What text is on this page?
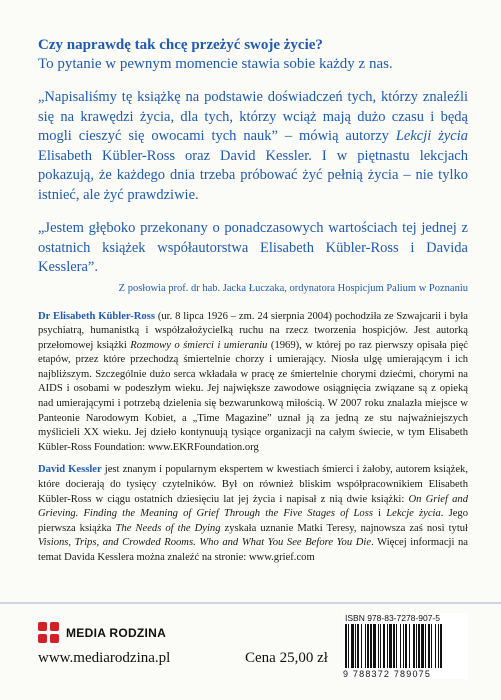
Czy naprawdę tak chcę przeżyć swoje życie?

To pytanie w pewnym momencie stawia sobie każdy z nas.

„Napisaliśmy tę książkę na podstawie doświadczeń tych, którzy znaleźli się na krawędzi życia, dla tych, którzy wciąż mają dużo czasu i będą mogli cieszyć się owocami tych nauk” – mówią autorzy Lekcji życia Elisabeth Kübler-Ross oraz David Kessler. I w piętnastu lekcjach pokazują, że każdego dnia trzeba próbować żyć pełnią życia – nie tylko istnieć, ale żyć prawdziwie.

„Jestem głęboko przekonany o ponadczasowych wartościach tej jednej z ostatnich książek współautorstwa Elisabeth Kübler-Ross i Davida Kesslera”.

Z posłowia prof. dr hab. Jacka Łuczaka, ordynatora Hospicjum Palium w Poznaniu

Dr Elisabeth Kübler-Ross (ur. 8 lipca 1926 – zm. 24 sierpnia 2004) pochodziła ze Szwajcarii i była psychiatrą, humanistką i współzałożycielką ruchu na rzecz tworzenia hospicjów. Jest autorką przełomowej książki Rozmowy o śmierci i umieraniu (1969), w której po raz pierwszy opisała pięć etapów, przez które przechodzą śmiertelnie chorzy i umierający. Niosła ulgę umierającym i ich najbliższym. Szczególnie dużo serca wkładała w pracę ze śmiertelnie chorymi dziećmi, chorymi na AIDS i osobami w podeszłym wieku. Jej największe zawodowe osiągnięcia związane są z opieką nad umierającymi i potrzebą dzielenia się bezwarunkową miłością. W 2007 roku znalazła miejsce w Panteonie Narodowym Kobiet, a „Time Magazine” uznał ją za jedną ze stu najważniejszych myślicieli XX wieku. Jej dzieło kontynuują tysiące organizacji na całym świecie, w tym Elisabeth Kübler-Ross Foundation: www.EKRFoundation.org

David Kessler jest znanym i popularnym ekspertem w kwestiach śmierci i żałoby, autorem książek, które docierają do tysięcy czytelników. Był on również bliskim współpracownikiem Elisabeth Kübler-Ross w ciągu ostatnich dziesięciu lat jej życia i napisał z nią dwie książki: On Grief and Grieving. Finding the Meaning of Grief Through the Five Stages of Loss i Lekcje życia. Jego pierwsza książka The Needs of the Dying zyskała uznanie Matki Teresy, najnowsza zaś nosi tytuł Visions, Trips, and Crowded Rooms. Who and What You See Before You Die. Więcej informacji na temat Davida Kesslera można znaleźć na stronie: www.grief.com

MEDIA RODZINA
www.mediarodzina.pl	Cena 25,00 zł
ISBN 978-83-7278-907-5
9 788372 789075
